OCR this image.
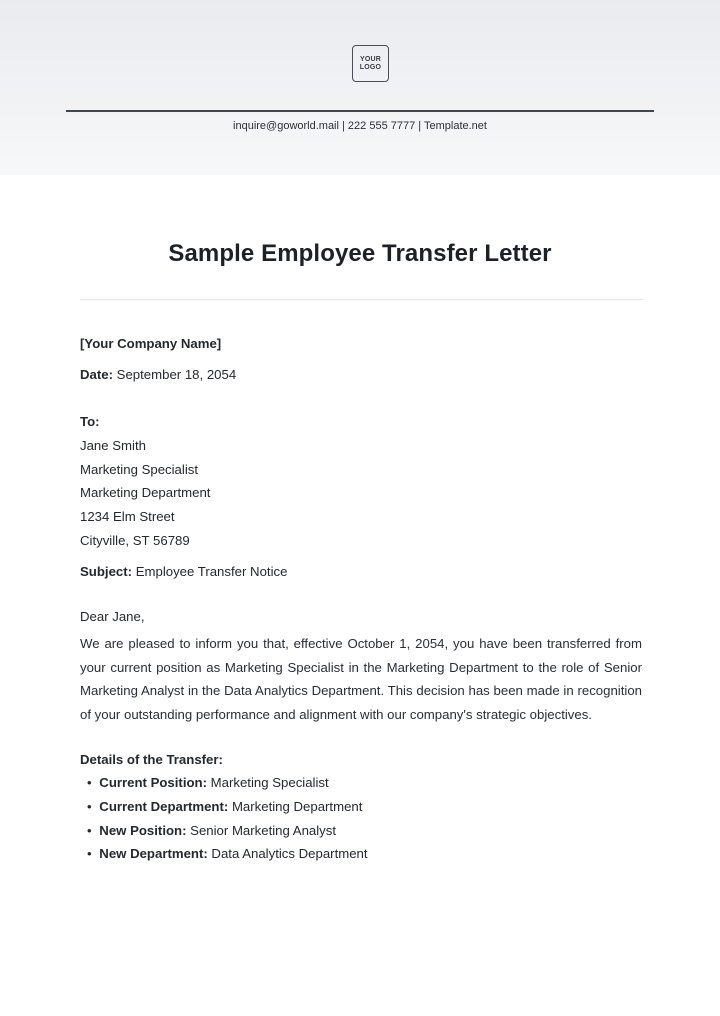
YOUR LOGO
inquire@goworld.mail | 222 555 7777 | Template.net
Sample Employee Transfer Letter
[Your Company Name]
Date: September 18, 2054
To:
Jane Smith
Marketing Specialist
Marketing Department
1234 Elm Street
Cityville, ST 56789
Subject: Employee Transfer Notice
Dear Jane,

We are pleased to inform you that, effective October 1, 2054, you have been transferred from your current position as Marketing Specialist in the Marketing Department to the role of Senior Marketing Analyst in the Data Analytics Department. This decision has been made in recognition of your outstanding performance and alignment with our company's strategic objectives.

Details of the Transfer:
• Current Position: Marketing Specialist
• Current Department: Marketing Department
• New Position: Senior Marketing Analyst
• New Department: Data Analytics Department
